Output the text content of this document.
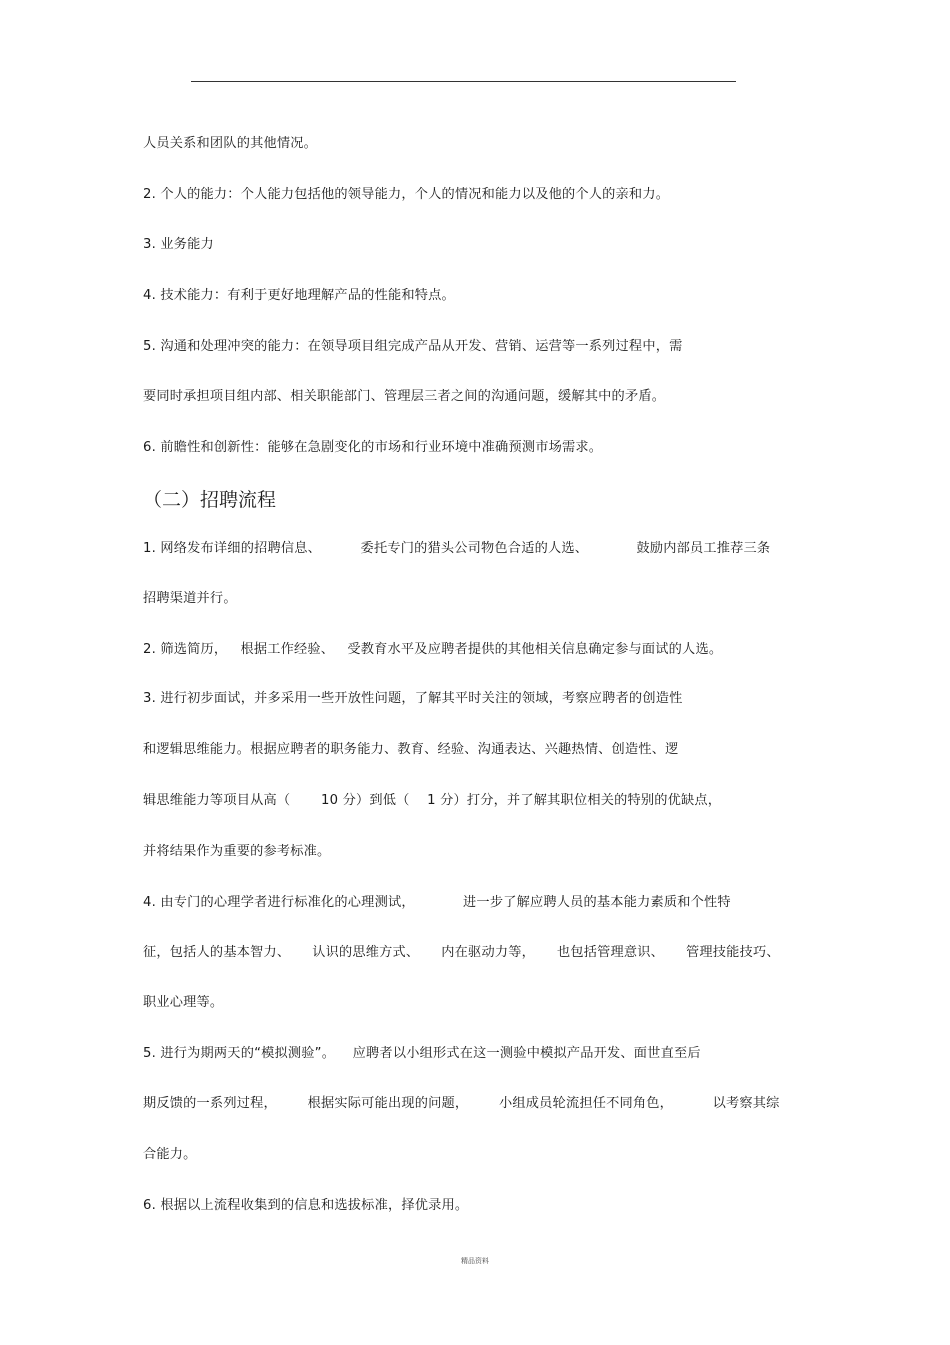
人员关系和团队的其他情况。
2. 个人的能力：个人能力包括他的领导能力，个人的情况和能力以及他的个人的亲和力。
3. 业务能力
4. 技术能力：有利于更好地理解产品的性能和特点。
5. 沟通和处理冲突的能力：在领导项目组完成产品从开发、营销、运营等一系列过程中，需
要同时承担项目组内部、相关职能部门、管理层三者之间的沟通问题，缓解其中的矛盾。
6. 前瞻性和创新性：能够在急剧变化的市场和行业环境中准确预测市场需求。
（二）招聘流程
1. 网络发布详细的招聘信息、         委托专门的猎头公司物色合适的人选、           鼓励内部员工推荐三条
招聘渠道并行。
2. 筛选简历，   根据工作经验、   受教育水平及应聘者提供的其他相关信息确定参与面试的人选。
3. 进行初步面试，并多采用一些开放性问题，了解其平时关注的领域，考察应聘者的创造性
和逻辑思维能力。根据应聘者的职务能力、教育、经验、沟通表达、兴趣热情、创造性、逻
辑思维能力等项目从高（       10 分）到低（    1 分）打分，并了解其职位相关的特别的优缺点，
并将结果作为重要的参考标准。
4. 由专门的心理学者进行标准化的心理测试，           进一步了解应聘人员的基本能力素质和个性特
征，包括人的基本智力、     认识的思维方式、     内在驱动力等，     也包括管理意识、     管理技能技巧、
职业心理等。
5. 进行为期两天的“模拟测验”。    应聘者以小组形式在这一测验中模拟产品开发、面世直至后
期反馈的一系列过程，       根据实际可能出现的问题，       小组成员轮流担任不同角色，         以考察其综
合能力。
6. 根据以上流程收集到的信息和选拔标准，择优录用。
精品资料
